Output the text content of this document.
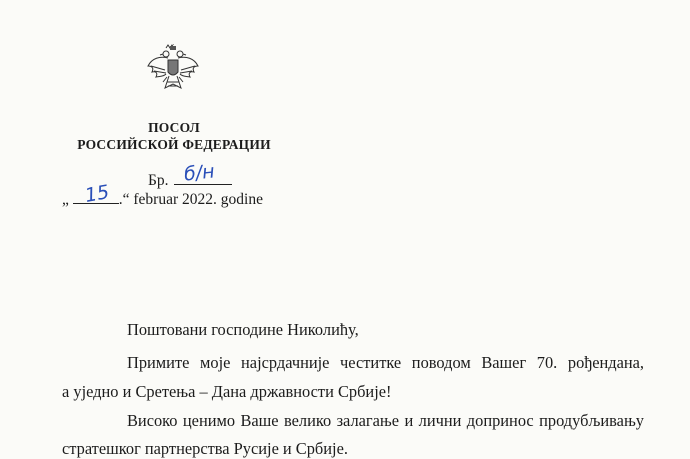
ПОСОЛ
РОССИЙСКОЙ ФЕДЕРАЦИИ
Бр. б/н
„ 15 .“ februar 2022. godine
Поштовани господине Николићу,
Примите моје најсрдачније честитке поводом Вашег 70. рођендана,
а уједно и Сретења – Дана државности Србије!
Високо ценимо Ваше велико залагање и лични допринос продубљивању
стратешког партнерства Русије и Србије.
